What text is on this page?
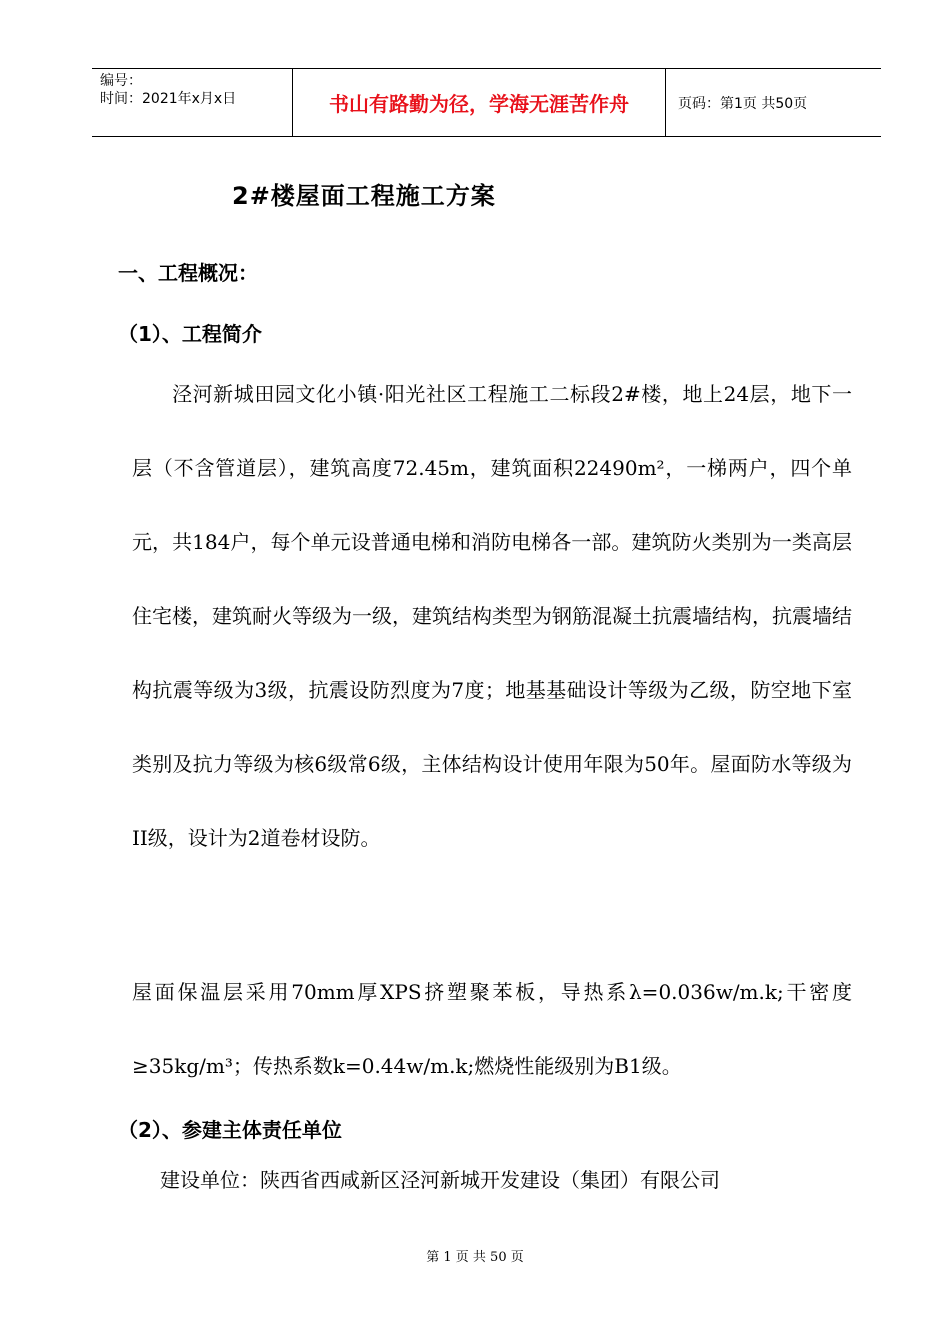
编号：
时间：2021年x月x日	书山有路勤为径，学海无涯苦作舟	页码：第1页 共50页
2#楼屋面工程施工方案
一、工程概况：
（1）、工程简介

泾河新城田园文化小镇·阳光社区工程施工二标段2#楼，地上24层，地下一层（不含管道层），建筑高度72.45m，建筑面积22490m²，一梯两户，四个单元，共184户，每个单元设普通电梯和消防电梯各一部。建筑防火类别为一类高层住宅楼，建筑耐火等级为一级，建筑结构类型为钢筋混凝土抗震墙结构，抗震墙结构抗震等级为3级，抗震设防烈度为7度；地基基础设计等级为乙级，防空地下室类别及抗力等级为核6级常6级，主体结构设计使用年限为50年。屋面防水等级为II级，设计为2道卷材设防。

屋面保温层采用70mm厚XPS挤塑聚苯板，导热系λ=0.036w/m.k;干密度≥35kg/m³；传热系数k=0.44w/m.k;燃烧性能级别为B1级。

（2）、参建主体责任单位
建设单位：陕西省西咸新区泾河新城开发建设（集团）有限公司
第 1 页 共 50 页
